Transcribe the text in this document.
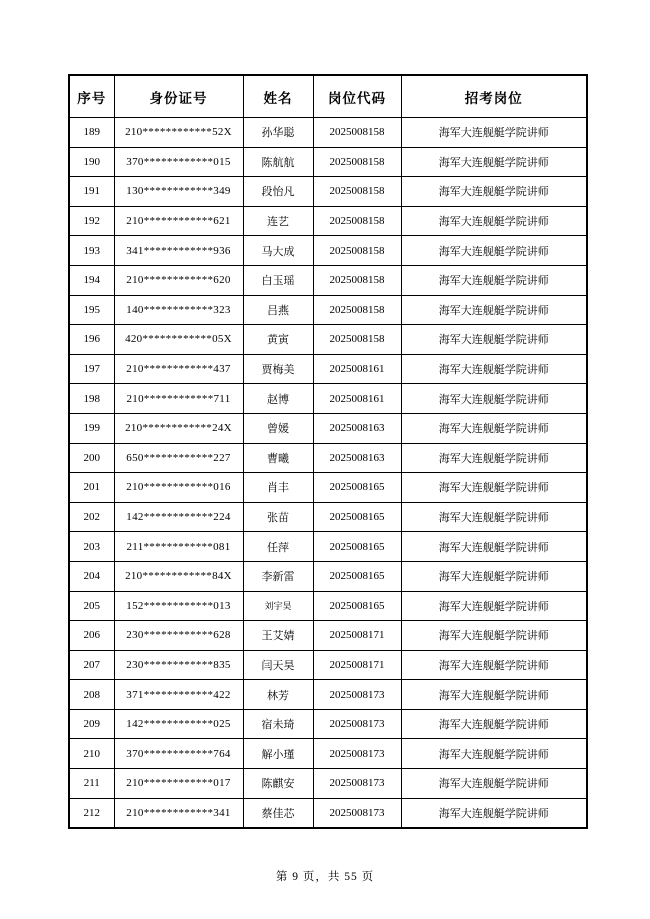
序号	身份证号	姓名	岗位代码	招考岗位
189	210************52X	孙华聪	2025008158	海军大连舰艇学院讲师
190	370************015	陈航航	2025008158	海军大连舰艇学院讲师
191	130************349	段怡凡	2025008158	海军大连舰艇学院讲师
192	210************621	连艺	2025008158	海军大连舰艇学院讲师
193	341************936	马大成	2025008158	海军大连舰艇学院讲师
194	210************620	白玉瑶	2025008158	海军大连舰艇学院讲师
195	140************323	吕燕	2025008158	海军大连舰艇学院讲师
196	420************05X	黄寅	2025008158	海军大连舰艇学院讲师
197	210************437	贾梅美	2025008161	海军大连舰艇学院讲师
198	210************711	赵博	2025008161	海军大连舰艇学院讲师
199	210************24X	曾媛	2025008163	海军大连舰艇学院讲师
200	650************227	曹曦	2025008163	海军大连舰艇学院讲师
201	210************016	肖丰	2025008165	海军大连舰艇学院讲师
202	142************224	张苗	2025008165	海军大连舰艇学院讲师
203	211************081	任萍	2025008165	海军大连舰艇学院讲师
204	210************84X	李新雷	2025008165	海军大连舰艇学院讲师
205	152************013	刘宇昊	2025008165	海军大连舰艇学院讲师
206	230************628	王艾婧	2025008171	海军大连舰艇学院讲师
207	230************835	闫天昊	2025008171	海军大连舰艇学院讲师
208	371************422	林芳	2025008173	海军大连舰艇学院讲师
209	142************025	宿未琦	2025008173	海军大连舰艇学院讲师
210	370************764	解小瑾	2025008173	海军大连舰艇学院讲师
211	210************017	陈麒安	2025008173	海军大连舰艇学院讲师
212	210************341	蔡佳芯	2025008173	海军大连舰艇学院讲师
第 9 页，共 55 页
